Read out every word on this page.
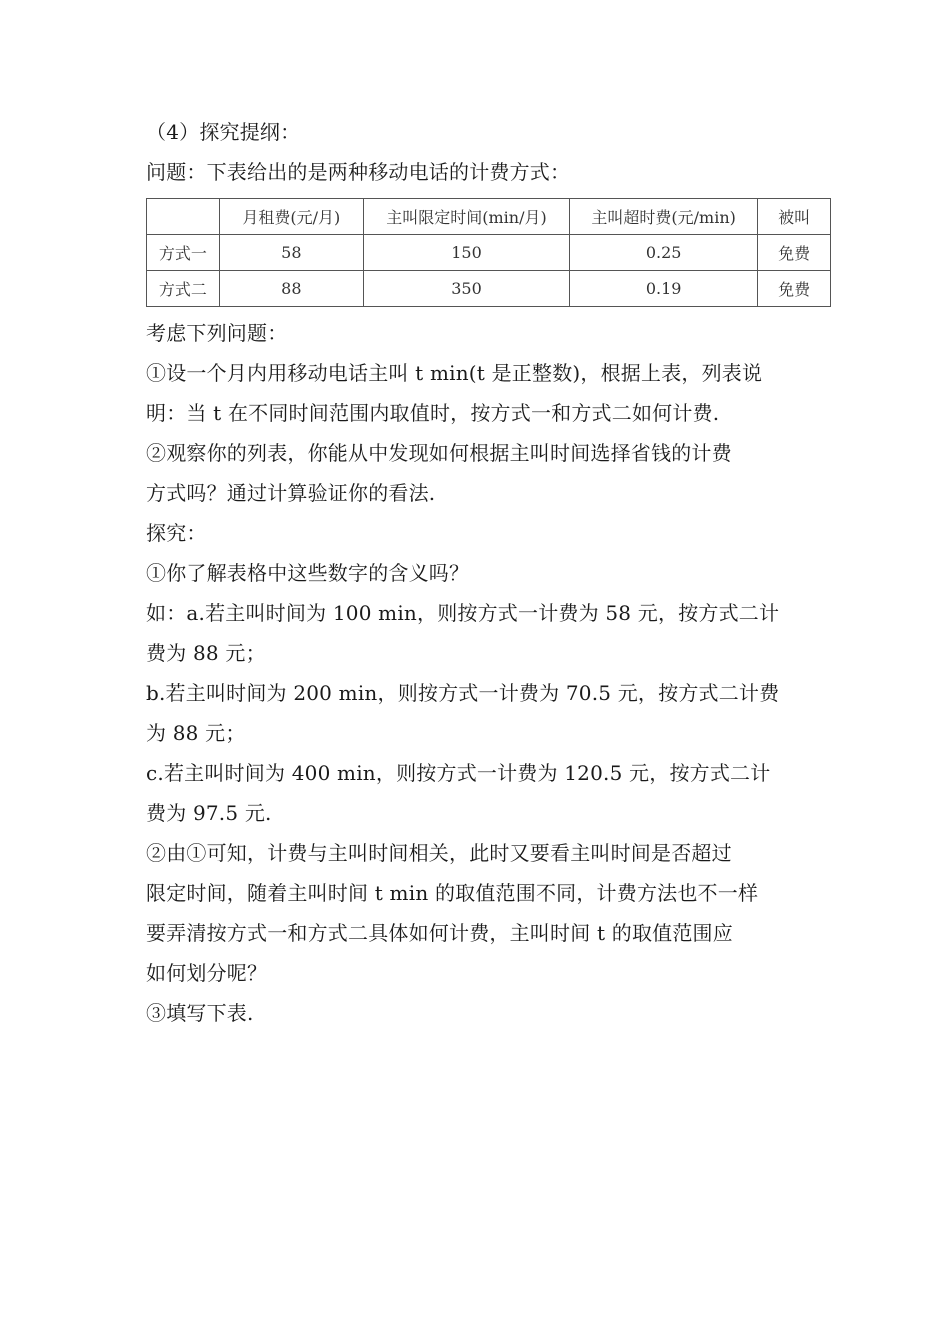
（4）探究提纲：
问题：下表给出的是两种移动电话的计费方式：
	月租费(元/月)	主叫限定时间(min/月)	主叫超时费(元/min)	被叫
方式一	58	150	0.25	免费
方式二	88	350	0.19	免费
考虑下列问题：
①设一个月内用移动电话主叫 t min(t 是正整数)，根据上表，列表说
明：当 t 在不同时间范围内取值时，按方式一和方式二如何计费.
②观察你的列表，你能从中发现如何根据主叫时间选择省钱的计费
方式吗？通过计算验证你的看法.
探究：
①你了解表格中这些数字的含义吗？
如：a.若主叫时间为 100 min，则按方式一计费为 58 元，按方式二计
费为 88 元；
b.若主叫时间为 200 min，则按方式一计费为 70.5 元，按方式二计费
为 88 元；
c.若主叫时间为 400 min，则按方式一计费为 120.5 元，按方式二计
费为 97.5 元.
②由①可知，计费与主叫时间相关，此时又要看主叫时间是否超过
限定时间，随着主叫时间 t min 的取值范围不同，计费方法也不一样
要弄清按方式一和方式二具体如何计费，主叫时间 t 的取值范围应
如何划分呢？
③填写下表.
